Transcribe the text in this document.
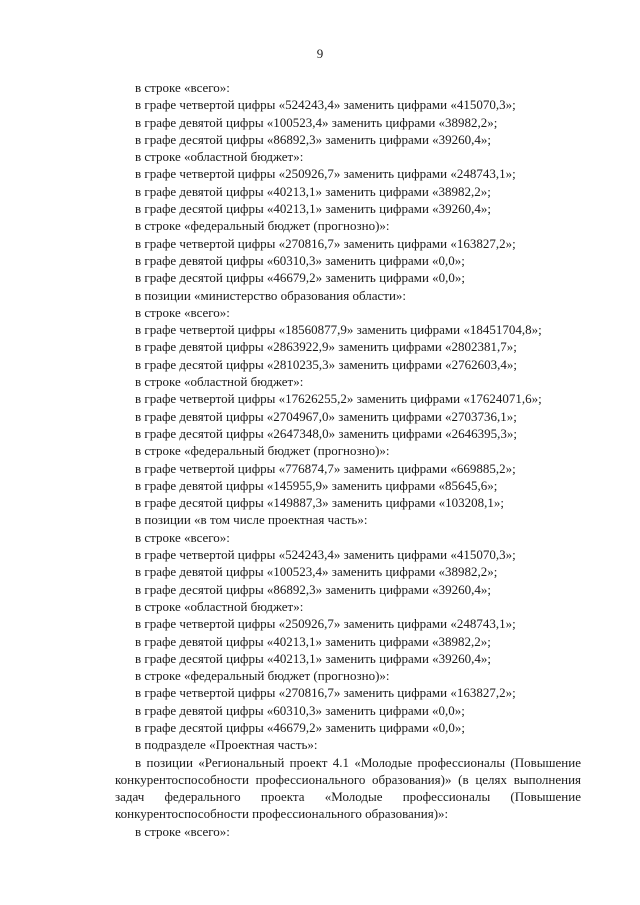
9
в строке «всего»:
в графе четвертой цифры «524243,4» заменить цифрами «415070,3»;
в графе девятой цифры «100523,4» заменить цифрами «38982,2»;
в графе десятой цифры «86892,3» заменить цифрами «39260,4»;
в строке «областной бюджет»:
в графе четвертой цифры «250926,7» заменить цифрами «248743,1»;
в графе девятой цифры «40213,1» заменить цифрами «38982,2»;
в графе десятой цифры «40213,1» заменить цифрами «39260,4»;
в строке «федеральный бюджет (прогнозно)»:
в графе четвертой цифры «270816,7» заменить цифрами «163827,2»;
в графе девятой цифры «60310,3» заменить цифрами «0,0»;
в графе десятой цифры «46679,2» заменить цифрами «0,0»;
в позиции «министерство образования области»:
в строке «всего»:
в графе четвертой цифры «18560877,9» заменить цифрами «18451704,8»;
в графе девятой цифры «2863922,9» заменить цифрами «2802381,7»;
в графе десятой цифры «2810235,3» заменить цифрами «2762603,4»;
в строке «областной бюджет»:
в графе четвертой цифры «17626255,2» заменить цифрами «17624071,6»;
в графе девятой цифры «2704967,0» заменить цифрами «2703736,1»;
в графе десятой цифры «2647348,0» заменить цифрами «2646395,3»;
в строке «федеральный бюджет (прогнозно)»:
в графе четвертой цифры «776874,7» заменить цифрами «669885,2»;
в графе девятой цифры «145955,9» заменить цифрами «85645,6»;
в графе десятой цифры «149887,3» заменить цифрами «103208,1»;
в позиции «в том числе проектная часть»:
в строке «всего»:
в графе четвертой цифры «524243,4» заменить цифрами «415070,3»;
в графе девятой цифры «100523,4» заменить цифрами «38982,2»;
в графе десятой цифры «86892,3» заменить цифрами «39260,4»;
в строке «областной бюджет»:
в графе четвертой цифры «250926,7» заменить цифрами «248743,1»;
в графе девятой цифры «40213,1» заменить цифрами «38982,2»;
в графе десятой цифры «40213,1» заменить цифрами «39260,4»;
в строке «федеральный бюджет (прогнозно)»:
в графе четвертой цифры «270816,7» заменить цифрами «163827,2»;
в графе девятой цифры «60310,3» заменить цифрами «0,0»;
в графе десятой цифры «46679,2» заменить цифрами «0,0»;
в подразделе «Проектная часть»:
в позиции «Региональный проект 4.1 «Молодые профессионалы (Повышение конкурентоспособности профессионального образования)» (в целях выполнения задач федерального проекта «Молодые профессионалы (Повышение конкурентоспособности профессионального образования)»:
в строке «всего»:
